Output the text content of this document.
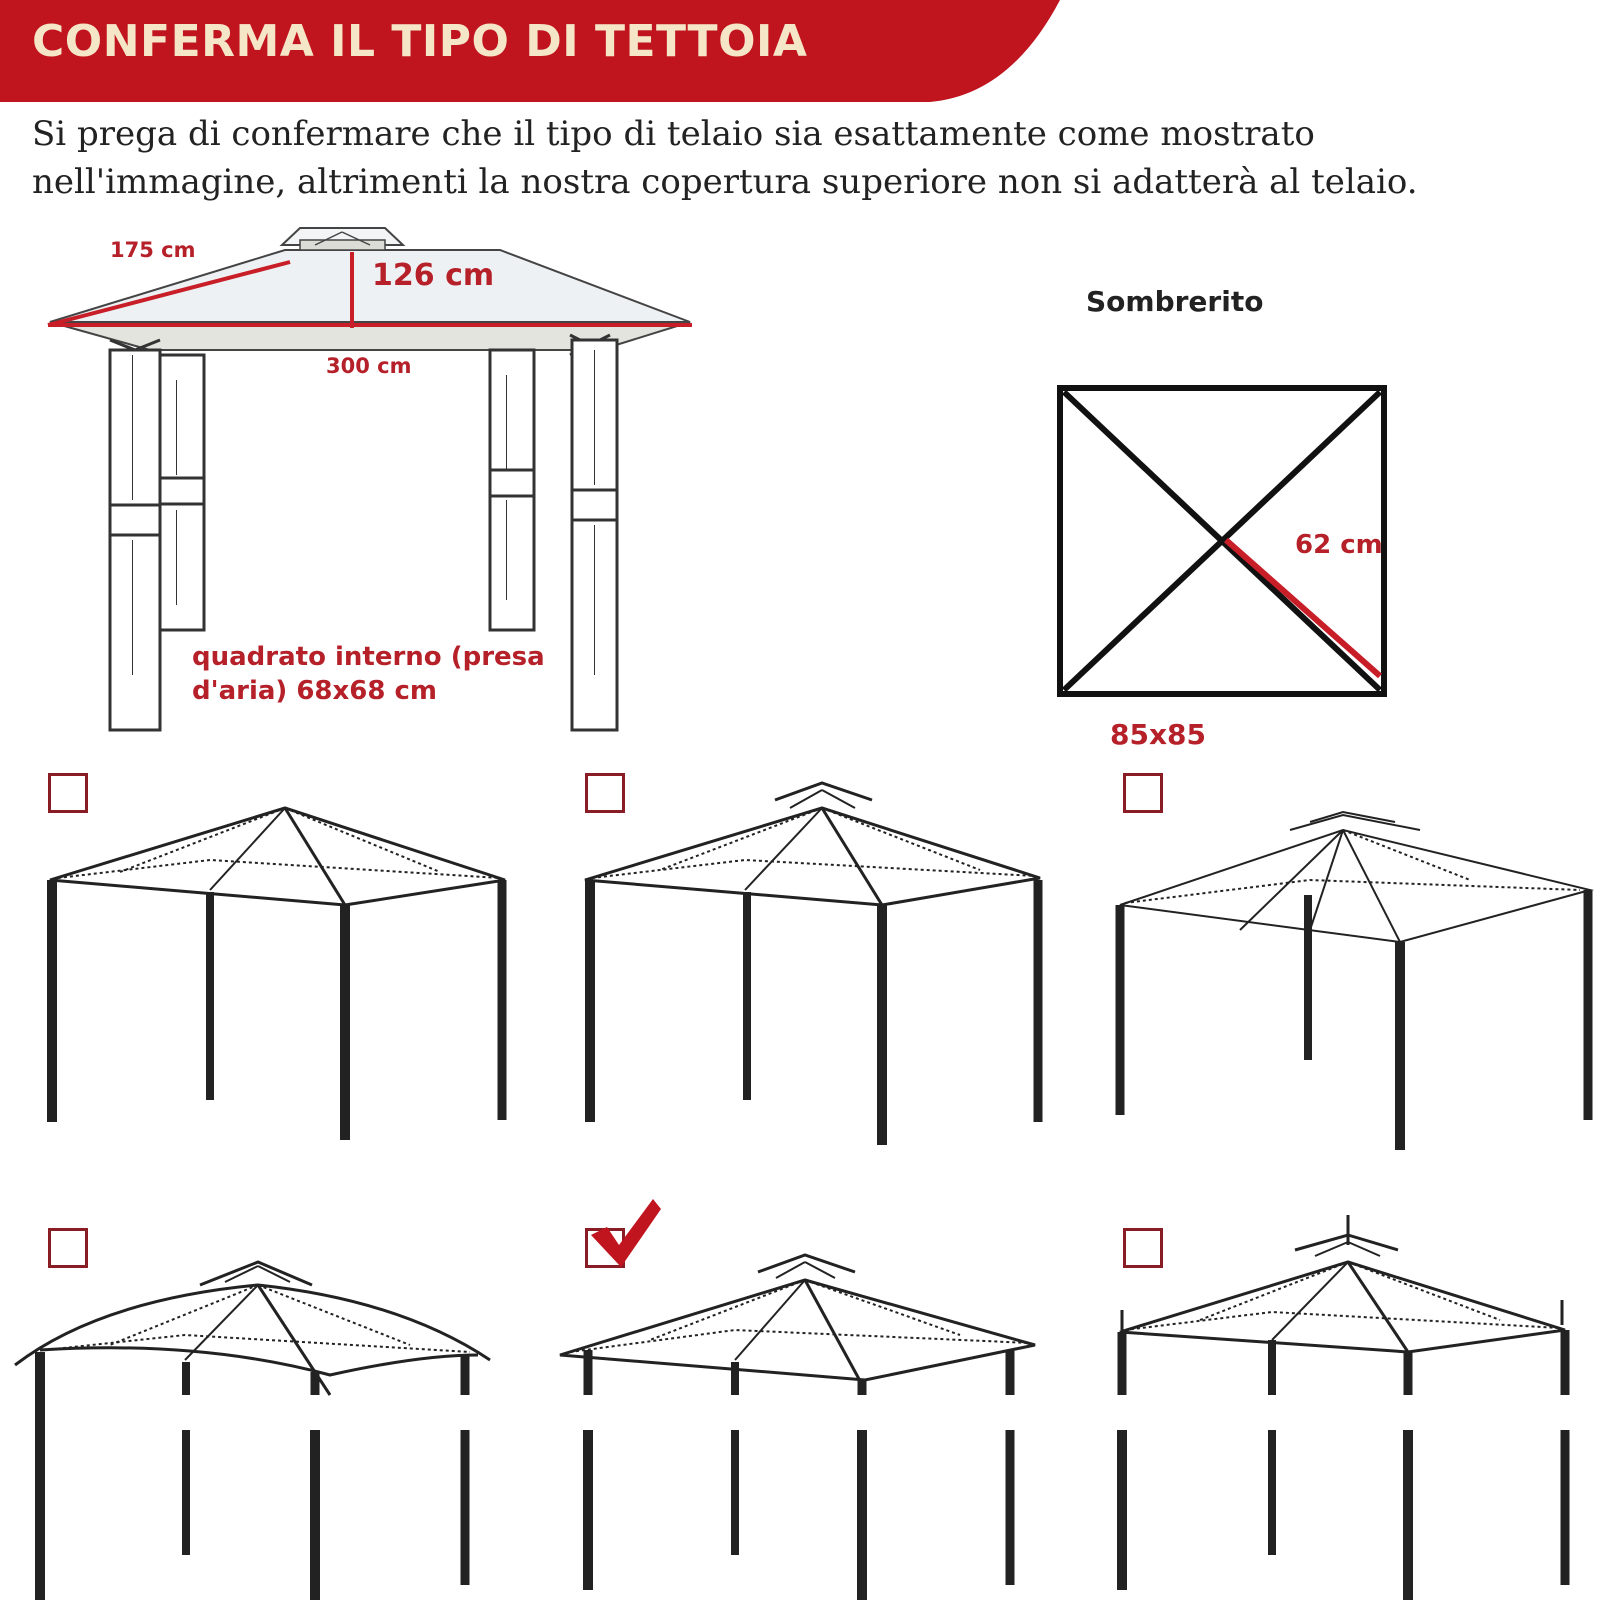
CONFERMA IL TIPO DI TETTOIA
Si prega di confermare che il tipo di telaio sia esattamente come mostrato
nell'immagine, altrimenti la nostra copertura superiore non si adatterà al telaio.
175 cm
126 cm
300 cm
quadrato interno (presa
d'aria) 68x68 cm
Sombrerito
62 cm
85x85
